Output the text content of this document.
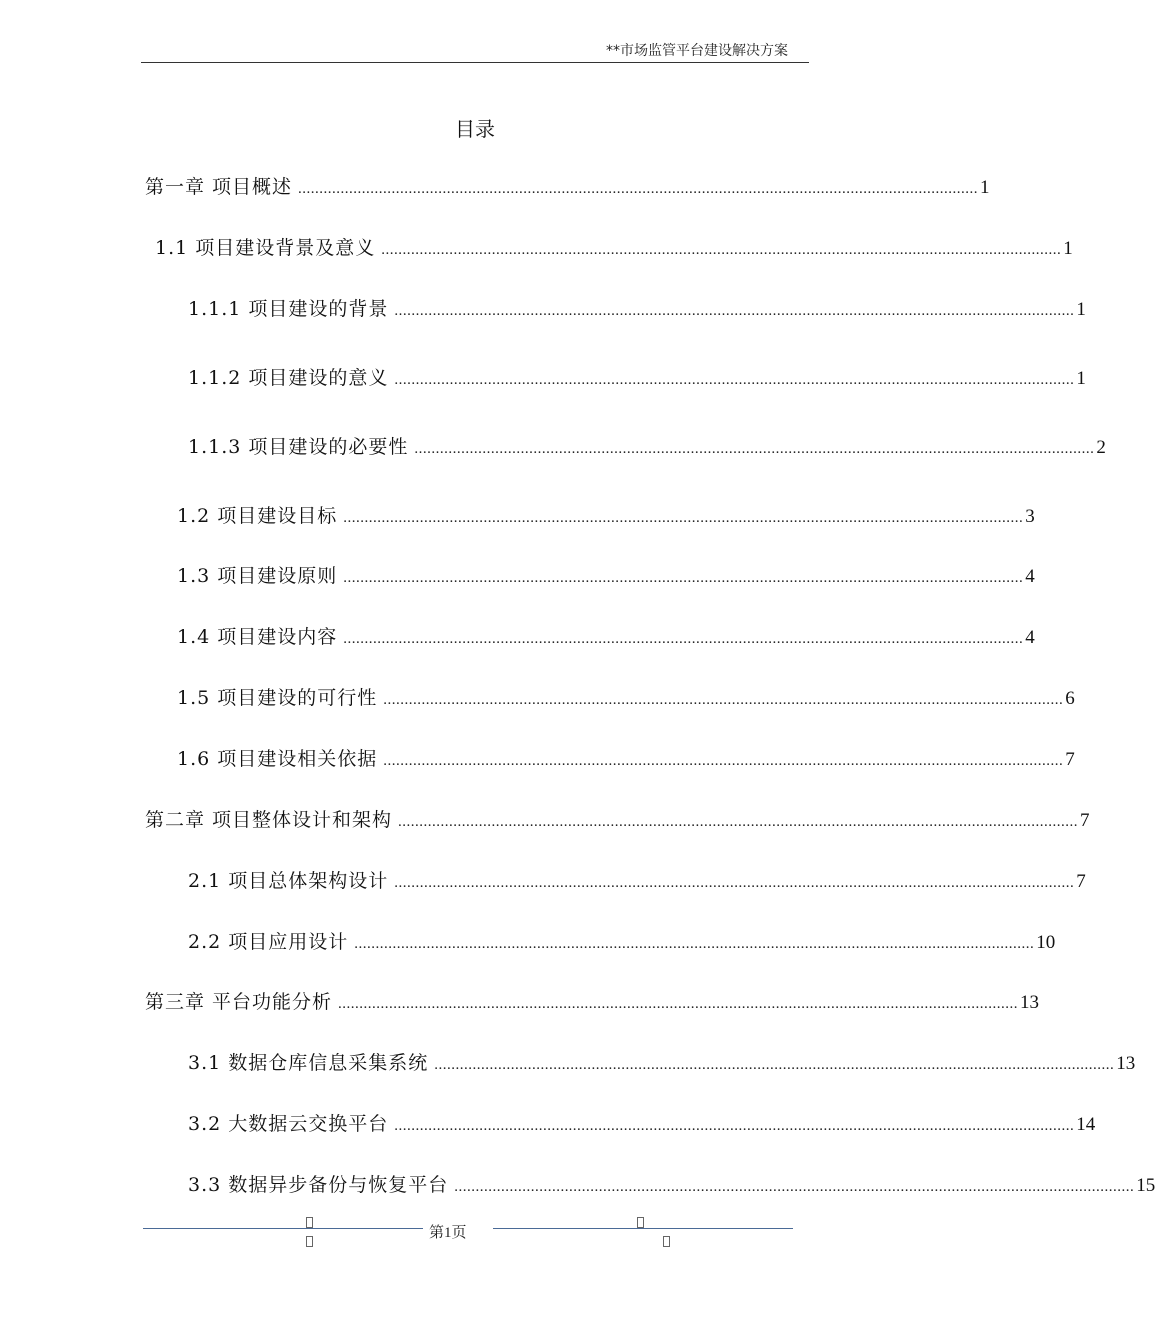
**市场监管平台建设解决方案
目录
第一章 项目概述 ................................................................................................................................................................ 1
1.1 项目建设背景及意义 ................................................................................................................................................................ 1
1.1.1 项目建设的背景 ................................................................................................................................................................ 1
1.1.2 项目建设的意义 ................................................................................................................................................................ 1
1.1.3 项目建设的必要性 ................................................................................................................................................................ 2
1.2 项目建设目标 ................................................................................................................................................................ 3
1.3 项目建设原则 ................................................................................................................................................................ 4
1.4 项目建设内容 ................................................................................................................................................................ 4
1.5 项目建设的可行性 ................................................................................................................................................................ 6
1.6 项目建设相关依据 ................................................................................................................................................................ 7
第二章 项目整体设计和架构 ................................................................................................................................................................ 7
2.1 项目总体架构设计 ................................................................................................................................................................ 7
2.2 项目应用设计 ................................................................................................................................................................ 10
第三章 平台功能分析 ................................................................................................................................................................ 13
3.1 数据仓库信息采集系统 ................................................................................................................................................................ 13
3.2 大数据云交换平台 ................................................................................................................................................................ 14
3.3 数据异步备份与恢复平台 ................................................................................................................................................................ 15
第1页
